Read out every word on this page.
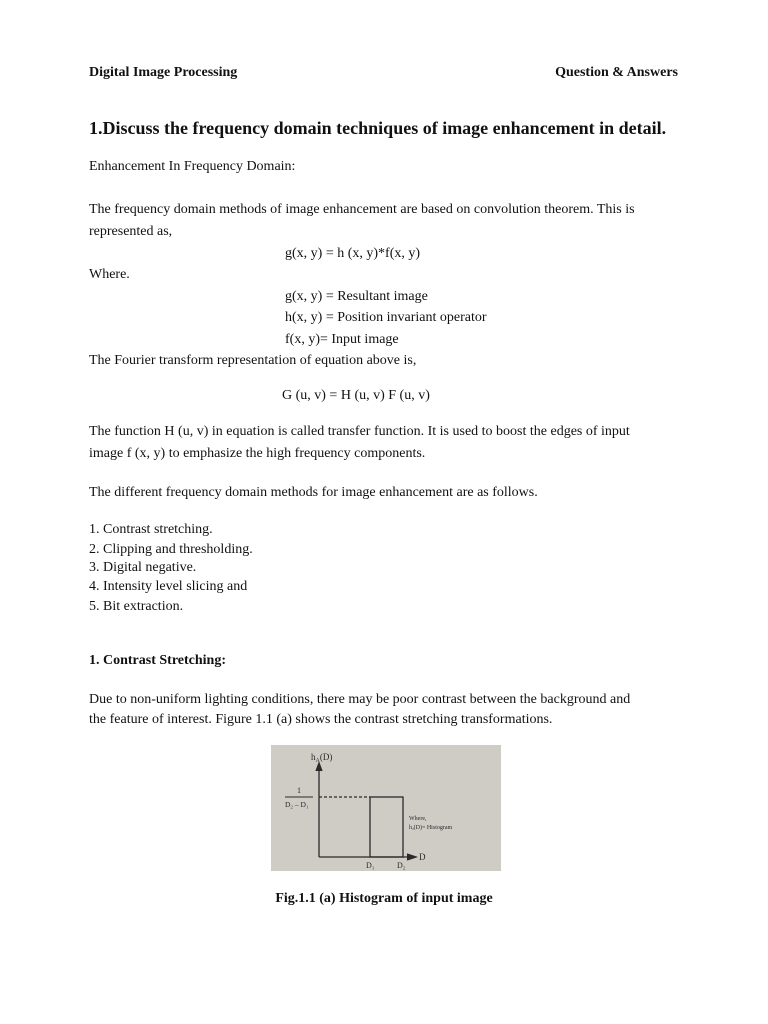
Digital Image Processing	Question & Answers
1.Discuss the frequency domain techniques of image enhancement in detail.
Enhancement In Frequency Domain:
The frequency domain methods of image enhancement are based on convolution theorem. This is
represented as,
g(x, y) = h (x, y)*f(x, y)
Where.
g(x, y) = Resultant image
h(x, y) = Position invariant operator
f(x, y)= Input image
The Fourier transform representation of equation above is,
G (u, v) = H (u, v) F (u, v)
The function H (u, v) in equation is called transfer function. It is used to boost the edges of input
image f (x, y) to emphasize the high frequency components.
The different frequency domain methods for image enhancement are as follows.
1. Contrast stretching.
2. Clipping and thresholding.
3. Digital negative.
4. Intensity level slicing and
5. Bit extraction.
1. Contrast Stretching:
Due to non-uniform lighting conditions, there may be poor contrast between the background and
the feature of interest. Figure 1.1 (a) shows the contrast stretching transformations.
$h_A(D)$
1
D₂ – D₁
D
D₁	D₂
Where,
hₐ(D)= Histogram
Fig.1.1 (a) Histogram of input image
